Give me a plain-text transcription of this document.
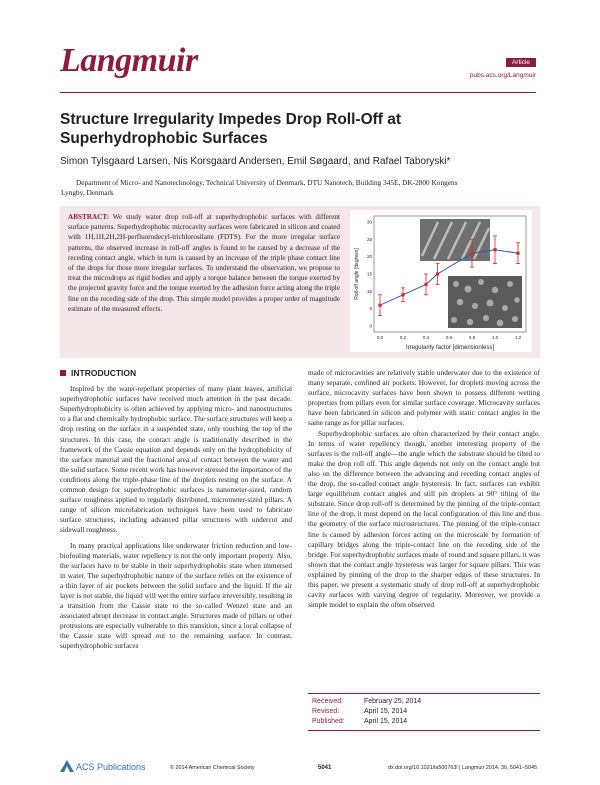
Langmuir	Article
pubs.acs.org/Langmuir
Structure Irregularity Impedes Drop Roll-Off at Superhydrophobic Surfaces
Simon Tylsgaard Larsen, Nis Korsgaard Andersen, Emil Søgaard, and Rafael Taboryski*
Department of Micro- and Nanotechnology, Technical University of Denmark, DTU Nanotech, Building 345E, DK-2800 Kongens
Lyngby, Denmark
ABSTRACT: We study water drop roll-off at superhydrophobic surfaces with different surface patterns. Superhydrophobic microcavity surfaces were fabricated in silicon and coated with 1H,1H,2H,2H-perfluorodecyl-trichlorosilane (FDTS). For the more irregular surface patterns, the observed increase in roll-off angles is found to be caused by a decrease of the receding contact angle, which in turn is caused by an increase of the triple phase contact line of the drops for those more irregular surfaces. To understand the observation, we propose to treat the microdrops as rigid bodies and apply a torque balance between the torque exerted by the projected gravity force and the torque exerted by the adhesion force acting along the triple line on the receding side of the drop. This simple model provides a proper order of magnitude estimate of the measured effects.
0.0	0.2	0.4	0.6	0.8	1.0	1.2
0
5
10
15
20
25
30
Irregularity factor [dimensionless]
Roll-off angle [degrees]
INTRODUCTION

Inspired by the water-repellant properties of many plant leaves, artificial superhydrophobic surfaces have received much attention in the past decade. Superhydrophobicity is often achieved by applying micro- and nanostructures to a flat and chemically hydrophobic surface. The surface structures will keep a drop resting on the surface in a suspended state, only touching the top of the structures. In this case, the contact angle is traditionally described in the framework of the Cassie equation and depends only on the hydrophobicity of the surface material and the fractional area of contact between the water and the solid surface. Some recent work has however stressed the importance of the conditions along the triple-phase line of the droplets resting on the surface. A common design for superhydrophobic surfaces is nanometer-sized, random surface roughness applied to regularly distributed, micrometer-sized pillars. A range of silicon microfabrication techniques have been used to fabricate surface structures, including advanced pillar structures with undercut and sidewall roughness.

In many practical applications like underwater friction reduction and low-biofouling materials, water repellency is not the only important property. Also, the surfaces have to be stable in their superhydrophobic state when immersed in water. The superhydrophobic nature of the surface relies on the existence of a thin layer of air pockets between the solid surface and the liquid. If the air layer is not stable, the liquid will wet the entire surface irreversibly, resulting in a transition from the Cassie state to the so-called Wenzel state and an associated abrupt decrease in contact angle. Structures made of pillars or other protrusions are especially vulnerable to this transition, since a local collapse of the Cassie state will spread out to the remaining surface. In contrast, superhydrophobic surfaces

made of microcavities are relatively stable underwater due to the existence of many separate, confined air pockets. However, for droplets moving across the surface, microcavity surfaces have been shown to possess different wetting properties from pillars even for similar surface coverage. Microcavity surfaces have been fabricated in silicon and polymer with static contact angles in the same range as for pillar surfaces.

Superhydrophobic surfaces are often characterized by their contact angle. In terms of water repellency though, another interesting property of the surfaces is the roll-off angle—the angle which the substrate should be tilted to make the drop roll off. This angle depends not only on the contact angle but also on the difference between the advancing and receding contact angles of the drop, the so-called contact angle hysteresis. In fact, surfaces can exhibit large equilibrium contact angles and still pin droplets at 90° tilting of the substrate. Since drop roll-off is determined by the pinning of the triple-contact line of the drop, it must depend on the local configuration of this line and thus the geometry of the surface microstructures. The pinning of the triple-contact line is caused by adhesion forces acting on the microscale by formation of capillary bridges along the triple-contact line on the receding side of the bridge. For superhydrophobic surfaces made of round and square pillars, it was shown that the contact angle hysteresis was larger for square pillars. This was explained by pinning of the drop to the sharper edges of these structures. In this paper, we present a systematic study of drop roll-off at superhydrophobic cavity surfaces with varying degree of regularity. Moreover, we provide a simple model to explain the often observed

Received:	February 25, 2014
Revised:	April 15, 2014
Published:	April 15, 2014
ACS Publications	© 2014 American Chemical Society	5041	dx.doi.org/10.1021/la500763l | Langmuir 2014, 30, 5041−5045
